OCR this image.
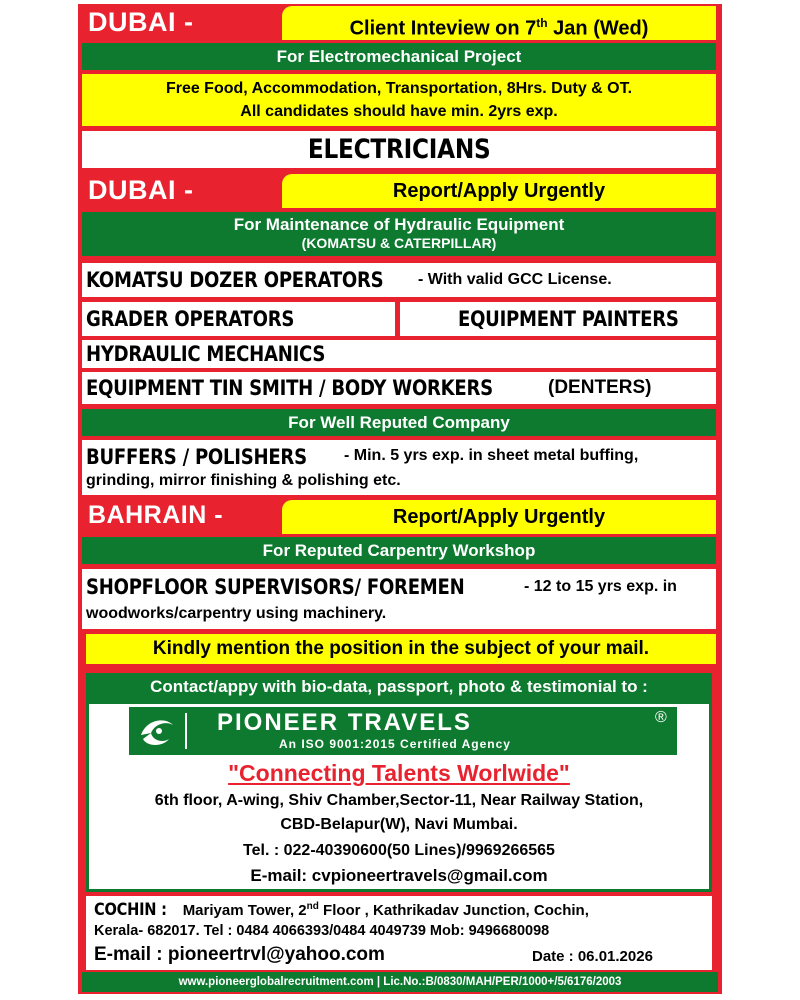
DUBAI -	Client Inteview on 7th Jan (Wed)
For Electromechanical Project
Free Food, Accommodation, Transportation, 8Hrs. Duty & OT.
All candidates should have min. 2yrs exp.
ELECTRICIANS
DUBAI -	Report/Apply Urgently
For Maintenance of Hydraulic Equipment
(KOMATSU & CATERPILLAR)
KOMATSU DOZER OPERATORS - With valid GCC License.
GRADER OPERATORS	EQUIPMENT PAINTERS
HYDRAULIC MECHANICS
EQUIPMENT TIN SMITH / BODY WORKERS	(DENTERS)
For Well Reputed Company
BUFFERS / POLISHERS - Min. 5 yrs exp. in sheet metal buffing,
grinding, mirror finishing & polishing etc.
BAHRAIN -	Report/Apply Urgently
For Reputed Carpentry Workshop
SHOPFLOOR SUPERVISORS/ FOREMEN	- 12 to 15 yrs exp. in
woodworks/carpentry using machinery.
Kindly mention the position in the subject of your mail.
Contact/appy with bio-data, passport, photo & testimonial to :
PIONEER TRAVELS	®
An ISO 9001:2015 Certified Agency
"Connecting Talents Worlwide"
6th floor, A-wing, Shiv Chamber,Sector-11, Near Railway Station,
CBD-Belapur(W), Navi Mumbai.
Tel. : 022-40390600(50 Lines)/9969266565
E-mail: cvpioneertravels@gmail.com
COCHIN : Mariyam Tower, 2nd Floor , Kathrikadav Junction, Cochin,
Kerala- 682017. Tel : 0484 4066393/0484 4049739 Mob: 9496680098
E-mail : pioneertrvl@yahoo.com	Date : 06.01.2026
www.pioneerglobalrecruitment.com | Lic.No.:B/0830/MAH/PER/1000+/5/6176/2003
